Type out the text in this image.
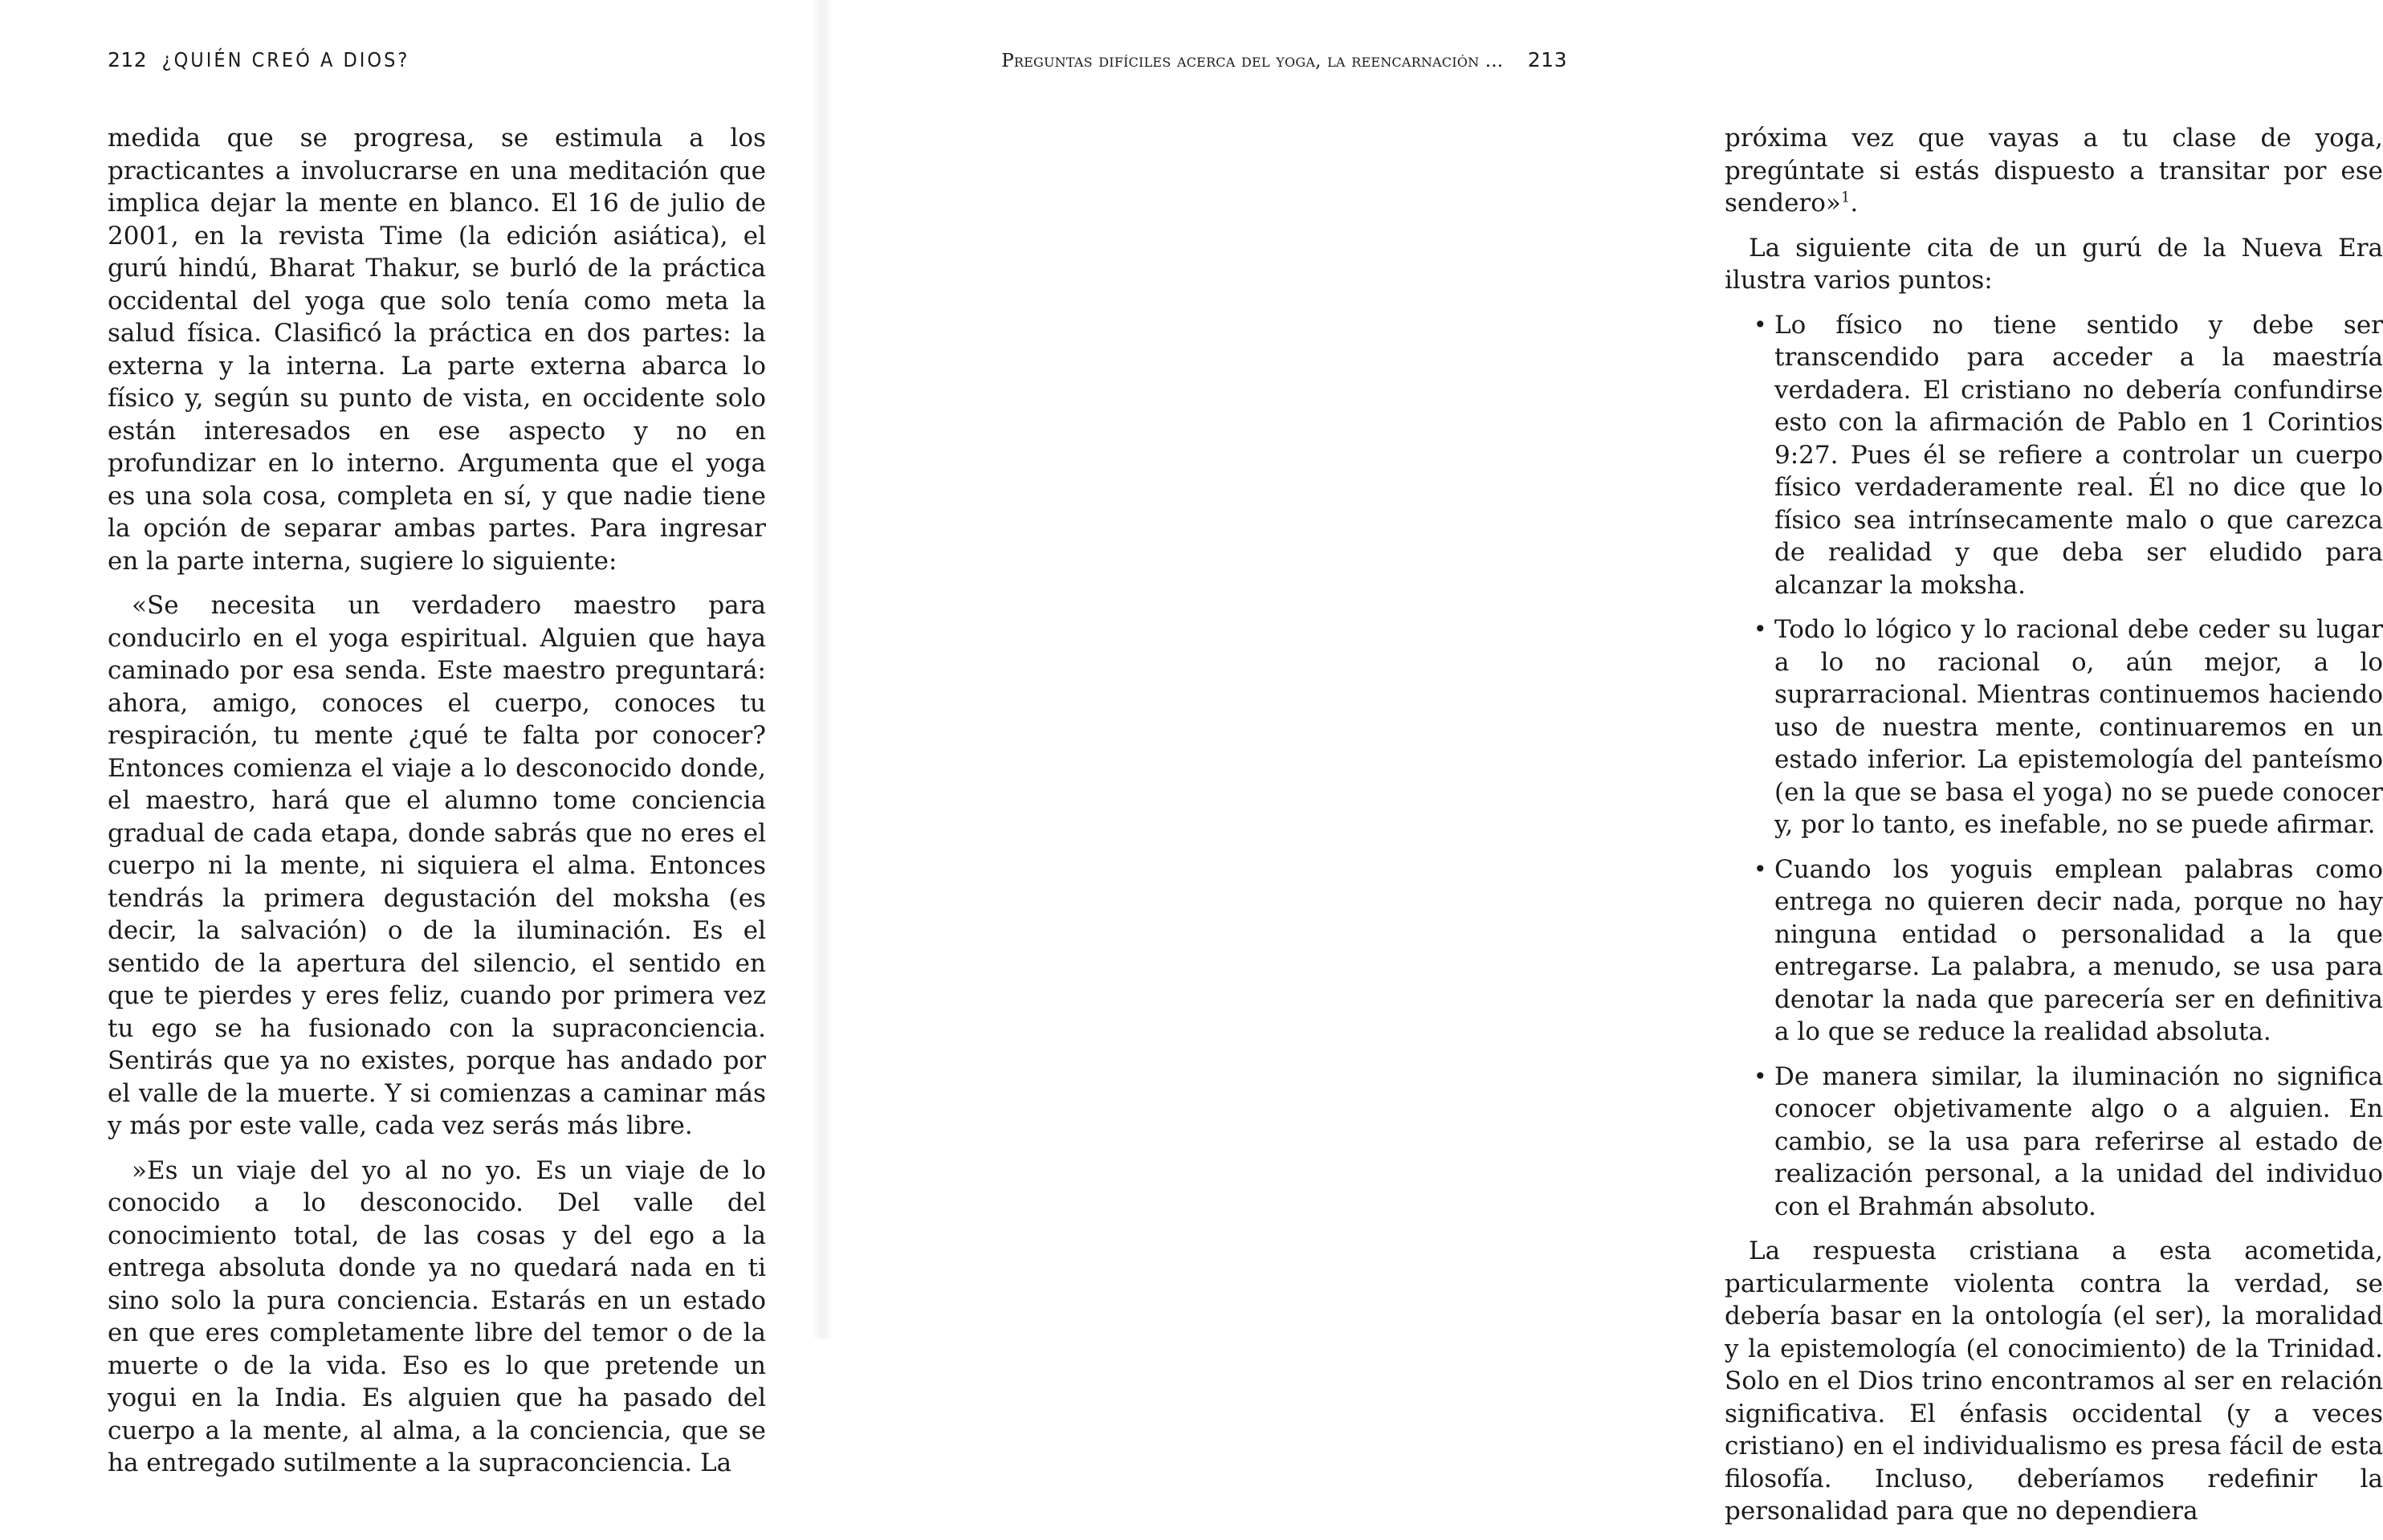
212 ¿QUIÉN CREÓ A DIOS?

medida que se progresa, se estimula a los practicantes a involucrarse en una meditación que implica dejar la mente en blanco. El 16 de julio de 2001, en la revista Time (la edición asiática), el gurú hindú, Bharat Thakur, se burló de la práctica occidental del yoga que solo tenía como meta la salud física. Clasificó la práctica en dos partes: la externa y la interna. La parte externa abarca lo físico y, según su punto de vista, en occidente solo están interesados en ese aspecto y no en profundizar en lo interno. Argumenta que el yoga es una sola cosa, completa en sí, y que nadie tiene la opción de separar ambas partes. Para ingresar en la parte interna, sugiere lo siguiente:

«Se necesita un verdadero maestro para conducirlo en el yoga espiritual. Alguien que haya caminado por esa senda. Este maestro preguntará: ahora, amigo, conoces el cuerpo, conoces tu respiración, tu mente ¿qué te falta por conocer? Entonces comienza el viaje a lo desconocido donde, el maestro, hará que el alumno tome conciencia gradual de cada etapa, donde sabrás que no eres el cuerpo ni la mente, ni siquiera el alma. Entonces tendrás la primera degustación del moksha (es decir, la salvación) o de la iluminación. Es el sentido de la apertura del silencio, el sentido en que te pierdes y eres feliz, cuando por primera vez tu ego se ha fusionado con la supraconciencia. Sentirás que ya no existes, porque has andado por el valle de la muerte. Y si comienzas a caminar más y más por este valle, cada vez serás más libre.

»Es un viaje del yo al no yo. Es un viaje de lo conocido a lo desconocido. Del valle del conocimiento total, de las cosas y del ego a la entrega absoluta donde ya no quedará nada en ti sino solo la pura conciencia. Estarás en un estado en que eres completamente libre del temor o de la muerte o de la vida. Eso es lo que pretende un yogui en la India. Es alguien que ha pasado del cuerpo a la mente, al alma, a la conciencia, que se ha entregado sutilmente a la supraconciencia. La

Preguntas difíciles acerca del yoga, la reencarnación ... 213

próxima vez que vayas a tu clase de yoga, pregúntate si estás dispuesto a transitar por ese sendero»$^1$.

La siguiente cita de un gurú de la Nueva Era ilustra varios puntos:

• Lo físico no tiene sentido y debe ser transcendido para acceder a la maestría verdadera. El cristiano no debería confundirse esto con la afirmación de Pablo en 1 Corintios 9:27. Pues él se refiere a controlar un cuerpo físico verdaderamente real. Él no dice que lo físico sea intrínsecamente malo o que carezca de realidad y que deba ser eludido para alcanzar la moksha.
• Todo lo lógico y lo racional debe ceder su lugar a lo no racional o, aún mejor, a lo suprarracional. Mientras continuemos haciendo uso de nuestra mente, continuaremos en un estado inferior. La epistemología del panteísmo (en la que se basa el yoga) no se puede conocer y, por lo tanto, es inefable, no se puede afirmar.
• Cuando los yoguis emplean palabras como entrega no quieren decir nada, porque no hay ninguna entidad o personalidad a la que entregarse. La palabra, a menudo, se usa para denotar la nada que parecería ser en definitiva a lo que se reduce la realidad absoluta.
• De manera similar, la iluminación no significa conocer objetivamente algo o a alguien. En cambio, se la usa para referirse al estado de realización personal, a la unidad del individuo con el Brahmán absoluto.

La respuesta cristiana a esta acometida, particularmente violenta contra la verdad, se debería basar en la ontología (el ser), la moralidad y la epistemología (el conocimiento) de la Trinidad. Solo en el Dios trino encontramos al ser en relación significativa. El énfasis occidental (y a veces cristiano) en el individualismo es presa fácil de esta filosofía. Incluso, deberíamos redefinir la personalidad para que no dependiera
